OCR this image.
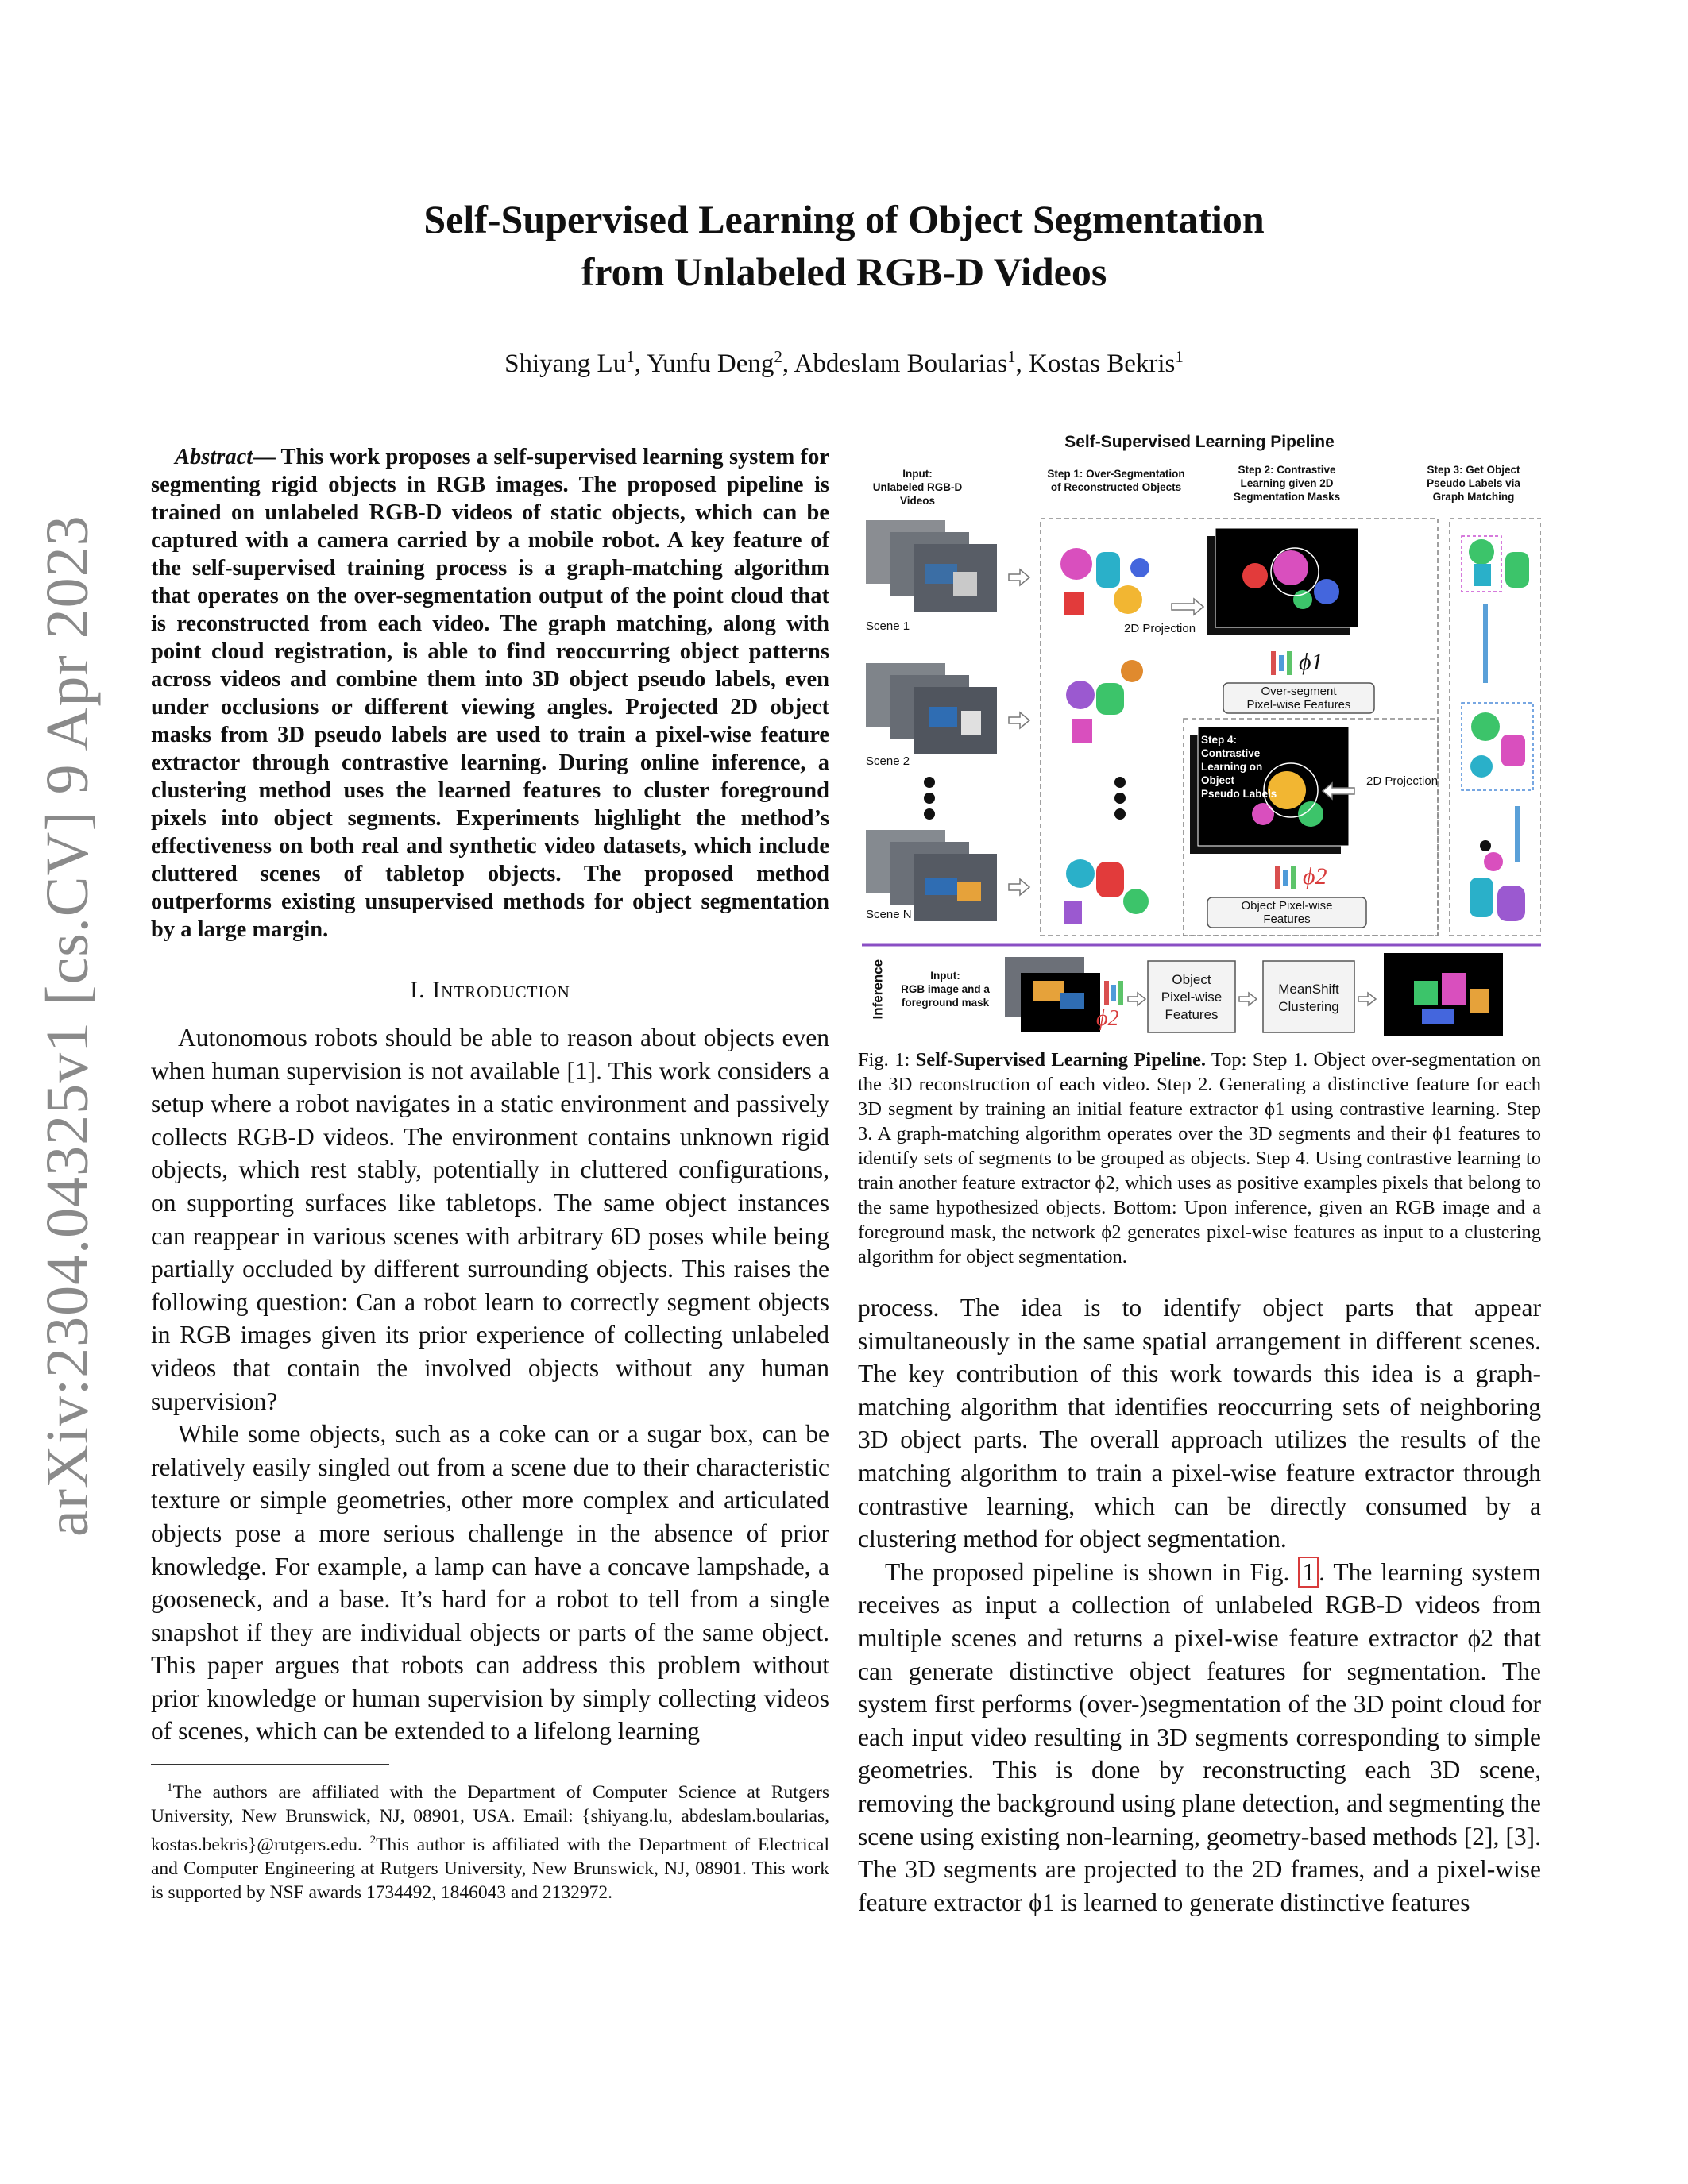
arXiv:2304.04325v1 [cs.CV] 9 Apr 2023
Self-Supervised Learning of Object Segmentation
from Unlabeled RGB-D Videos
Shiyang Lu$^1$, Yunfu Deng$^2$, Abdeslam Boularias$^1$, Kostas Bekris$^1$

Abstract— This work proposes a self-supervised learning system for segmenting rigid objects in RGB images. The proposed pipeline is trained on unlabeled RGB-D videos of static objects, which can be captured with a camera carried by a mobile robot. A key feature of the self-supervised training process is a graph-matching algorithm that operates on the over-segmentation output of the point cloud that is reconstructed from each video. The graph matching, along with point cloud registration, is able to find reoccurring object patterns across videos and combine them into 3D object pseudo labels, even under occlusions or different viewing angles. Projected 2D object masks from 3D pseudo labels are used to train a pixel-wise feature extractor through contrastive learning. During online inference, a clustering method uses the learned features to cluster foreground pixels into object segments. Experiments highlight the method’s effectiveness on both real and synthetic video datasets, which include cluttered scenes of tabletop objects. The proposed method outperforms existing unsupervised methods for object segmentation by a large margin.

I. Introduction

Autonomous robots should be able to reason about objects even when human supervision is not available [1]. This work considers a setup where a robot navigates in a static environment and passively collects RGB-D videos. The environment contains unknown rigid objects, which rest stably, potentially in cluttered configurations, on supporting surfaces like tabletops. The same object instances can reappear in various scenes with arbitrary 6D poses while being partially occluded by different surrounding objects. This raises the following question: Can a robot learn to correctly segment objects in RGB images given its prior experience of collecting unlabeled videos that contain the involved objects without any human supervision?

While some objects, such as a coke can or a sugar box, can be relatively easily singled out from a scene due to their characteristic texture or simple geometries, other more complex and articulated objects pose a more serious challenge in the absence of prior knowledge. For example, a lamp can have a concave lampshade, a gooseneck, and a base. It’s hard for a robot to tell from a single snapshot if they are individual objects or parts of the same object. This paper argues that robots can address this problem without prior knowledge or human supervision by simply collecting videos of scenes, which can be extended to a lifelong learning

$^1$The authors are affiliated with the Department of Computer Science at Rutgers University, New Brunswick, NJ, 08901, USA. Email: {shiyang.lu, abdeslam.boularias, kostas.bekris}@rutgers.edu. $^2$This author is affiliated with the Department of Electrical and Computer Engineering at Rutgers University, New Brunswick, NJ, 08901. This work is supported by NSF awards 1734492, 1846043 and 2132972.

Self-Supervised Learning Pipeline
Input:
Unlabeled RGB-D Videos
Step 1: Over-Segmentation
of Reconstructed Objects
Step 2: Contrastive
Learning given 2D
Segmentation Masks
Step 3: Get Object
Pseudo Labels via
Graph Matching
Step 4: Contrastive
Learning on Object
Pseudo Labels
Scene 1
Scene 2
Scene N
2D Projection
2D Projection
ϕ1
ϕ2
Over-segment
Pixel-wise Features
Object Pixel-wise
Features
Inference	Input:
RGB image and a
foreground mask
ϕ2
Object
Pixel-wise
Features
MeanShift
Clustering

Fig. 1: Self-Supervised Learning Pipeline. Top: Step 1. Object over-segmentation on the 3D reconstruction of each video. Step 2. Generating a distinctive feature for each 3D segment by training an initial feature extractor ϕ1 using contrastive learning. Step 3. A graph-matching algorithm operates over the 3D segments and their ϕ1 features to identify sets of segments to be grouped as objects. Step 4. Using contrastive learning to train another feature extractor ϕ2, which uses as positive examples pixels that belong to the same hypothesized objects. Bottom: Upon inference, given an RGB image and a foreground mask, the network ϕ2 generates pixel-wise features as input to a clustering algorithm for object segmentation.

process. The idea is to identify object parts that appear simultaneously in the same spatial arrangement in different scenes. The key contribution of this work towards this idea is a graph-matching algorithm that identifies reoccurring sets of neighboring 3D object parts. The overall approach utilizes the results of the matching algorithm to train a pixel-wise feature extractor through contrastive learning, which can be directly consumed by a clustering method for object segmentation.

The proposed pipeline is shown in Fig. 1 . The learning system receives as input a collection of unlabeled RGB-D videos from multiple scenes and returns a pixel-wise feature extractor ϕ2 that can generate distinctive object features for segmentation. The system first performs (over-)segmentation of the 3D point cloud for each input video resulting in 3D segments corresponding to simple geometries. This is done by reconstructing each 3D scene, removing the background using plane detection, and segmenting the scene using existing non-learning, geometry-based methods [2], [3]. The 3D segments are projected to the 2D frames, and a pixel-wise feature extractor ϕ1 is learned to generate distinctive features
